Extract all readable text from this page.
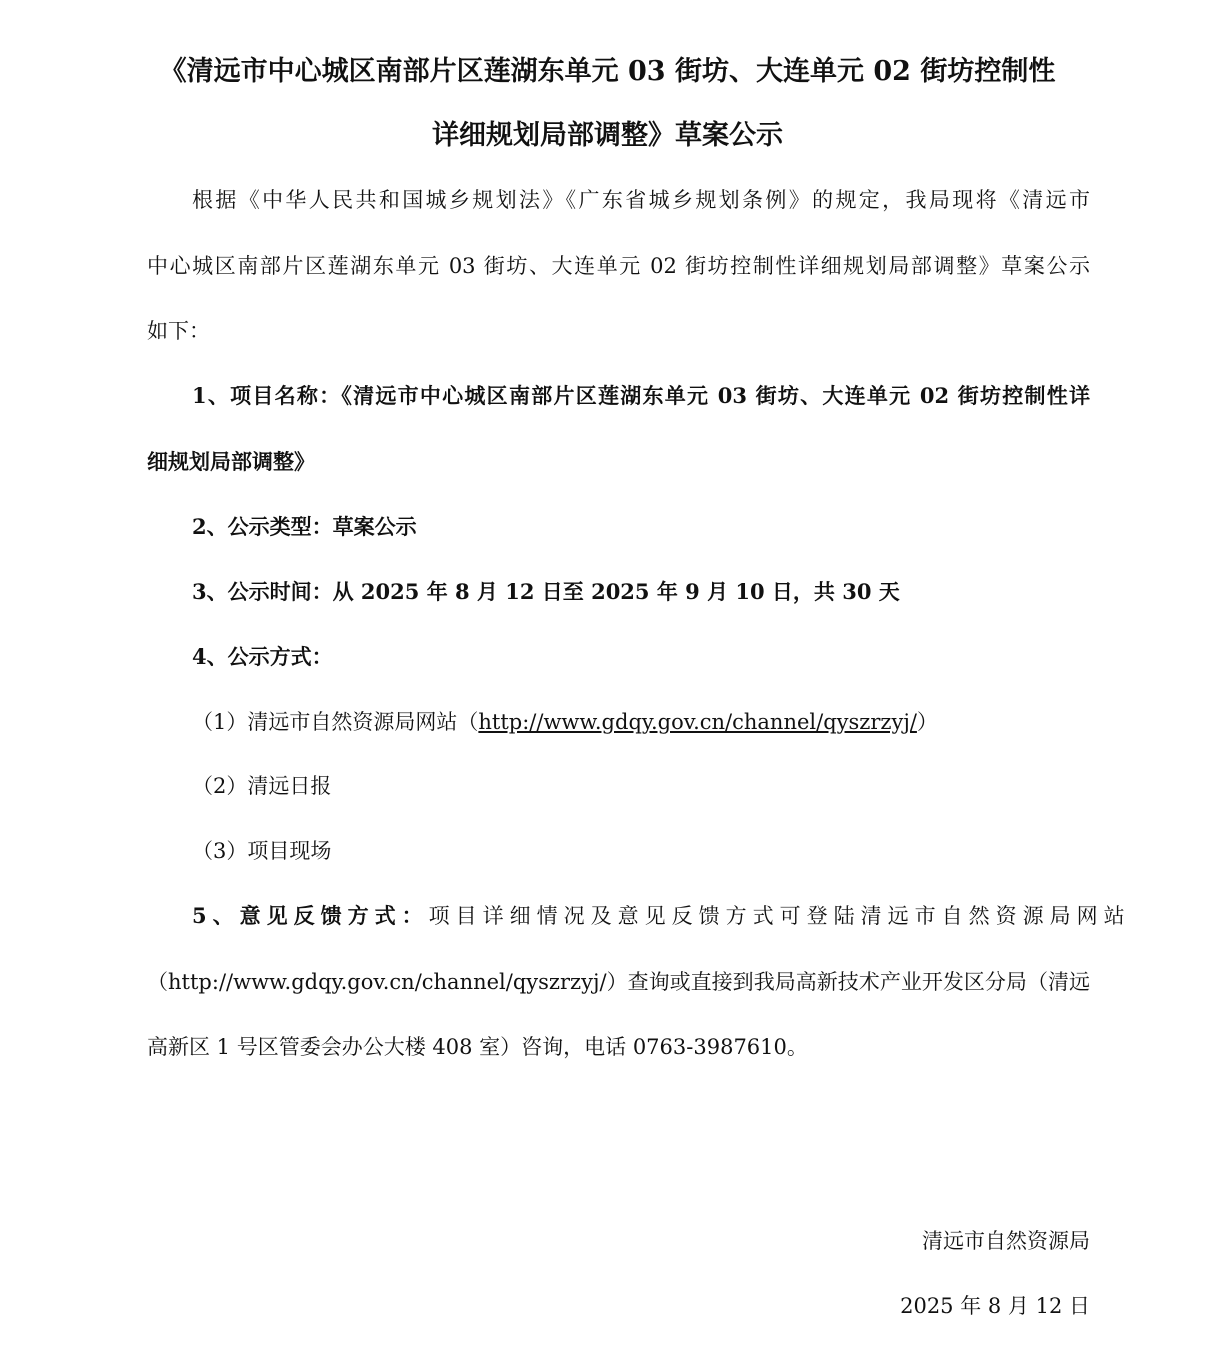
《清远市中心城区南部片区莲湖东单元 03 街坊、大连单元 02 街坊控制性
详细规划局部调整》草案公示
根据《中华人民共和国城乡规划法》《广东省城乡规划条例》的规定，我局现将《清远市
中心城区南部片区莲湖东单元 03 街坊、大连单元 02 街坊控制性详细规划局部调整》草案公示
如下：
1、项目名称：《清远市中心城区南部片区莲湖东单元 03 街坊、大连单元 02 街坊控制性详
细规划局部调整》
2、公示类型：草案公示
3、公示时间：从 2025 年 8 月 12 日至 2025 年 9 月 10 日，共 30 天
4、公示方式：
（1）清远市自然资源局网站（http://www.gdqy.gov.cn/channel/qyszrzyj/）
（2）清远日报
（3）项目现场
5、意见反馈方式：项目详细情况及意见反馈方式可登陆清远市自然资源局网站
（http://www.gdqy.gov.cn/channel/qyszrzyj/）查询或直接到我局高新技术产业开发区分局（清远
高新区 1 号区管委会办公大楼 408 室）咨询，电话 0763-3987610。
清远市自然资源局
2025 年 8 月 12 日
